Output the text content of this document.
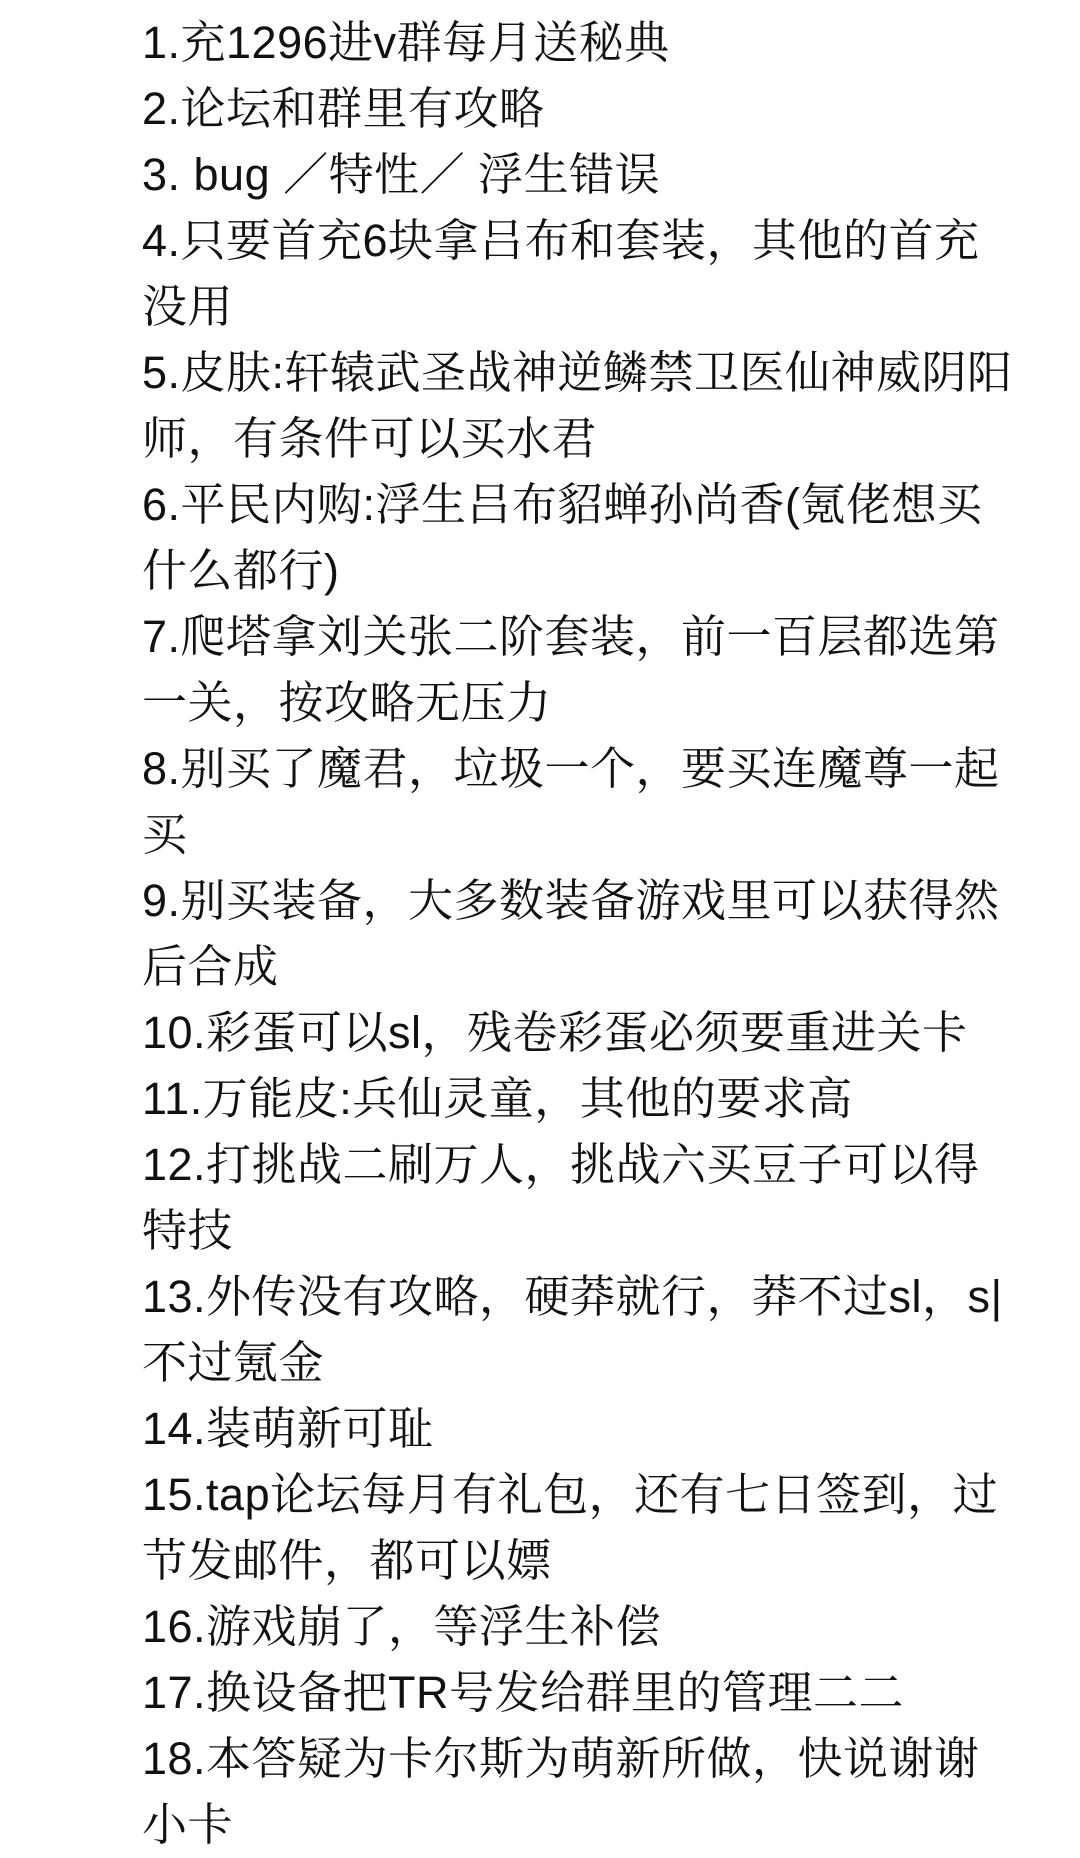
1.充1296进v群每月送秘典
2.论坛和群里有攻略
3. bug ／特性／ 浮生错误
4.只要首充6块拿吕布和套装，其他的首充没用
5.皮肤:轩辕武圣战神逆鳞禁卫医仙神威阴阳师，有条件可以买水君
6.平民内购:浮生吕布貂蝉孙尚香(氪佬想买什么都行)
7.爬塔拿刘关张二阶套装，前一百层都选第一关，按攻略无压力
8.别买了魔君，垃圾一个，要买连魔尊一起买
9.别买装备，大多数装备游戏里可以获得然后合成
10.彩蛋可以sl，残卷彩蛋必须要重进关卡
11.万能皮:兵仙灵童，其他的要求高
12.打挑战二刷万人，挑战六买豆子可以得特技
13.外传没有攻略，硬莽就行，莽不过sl，s|不过氪金
14.装萌新可耻
15.tap论坛每月有礼包，还有七日签到，过节发邮件，都可以嫖
16.游戏崩了，等浮生补偿
17.换设备把TR号发给群里的管理二二
18.本答疑为卡尔斯为萌新所做，快说谢谢小卡
